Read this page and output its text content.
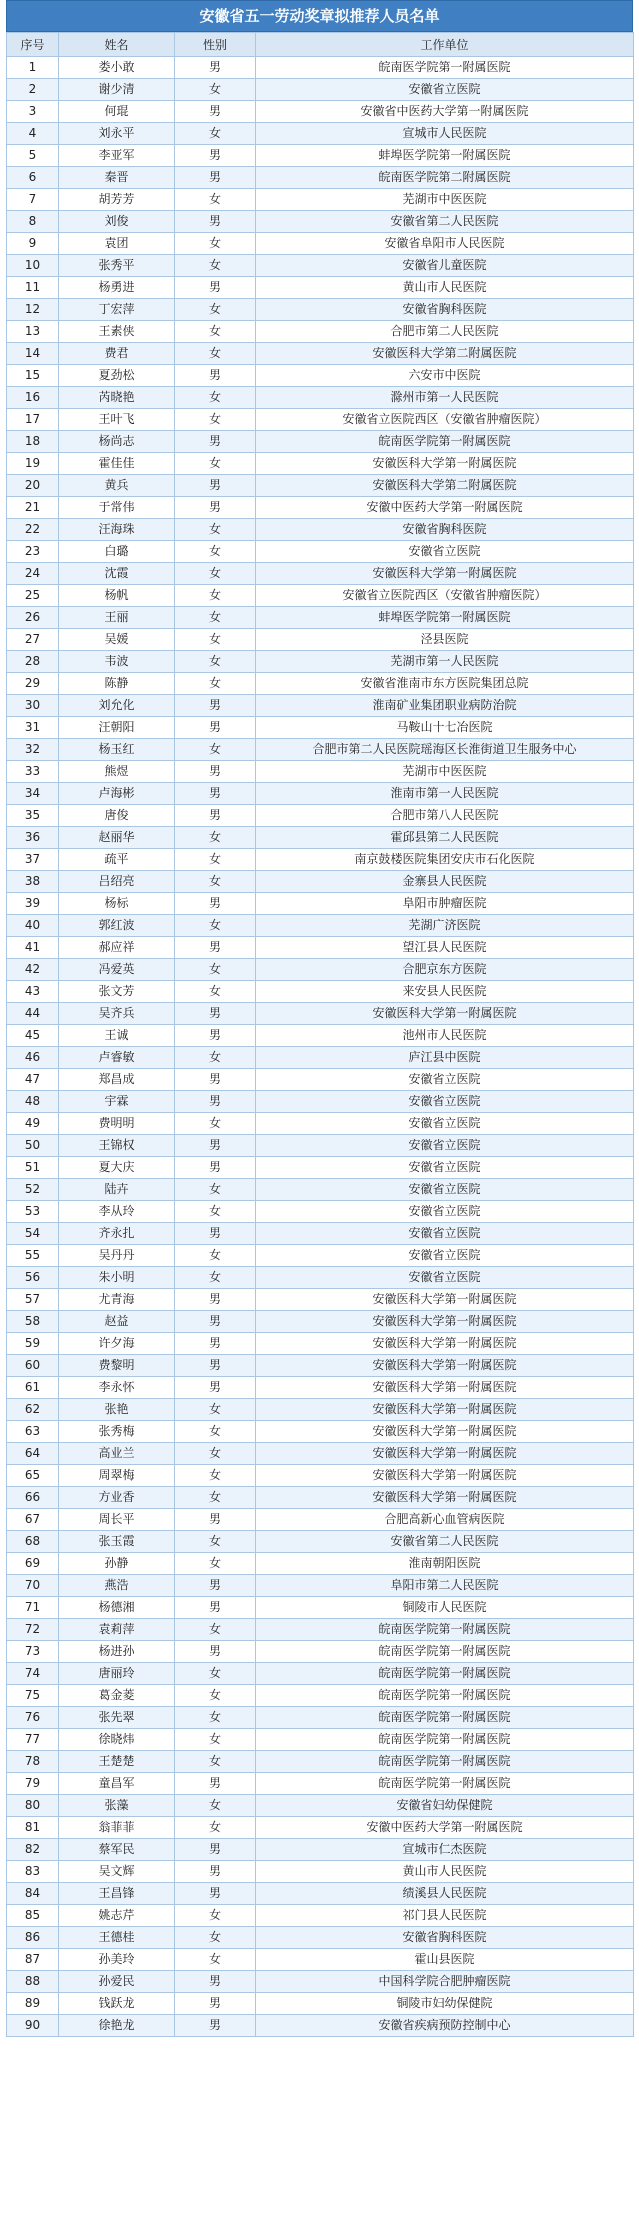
安徽省五一劳动奖章拟推荐人员名单
序号	姓名	性别	工作单位
1	娄小敢	男	皖南医学院第一附属医院
2	谢少清	女	安徽省立医院
3	何琨	男	安徽省中医药大学第一附属医院
4	刘永平	女	宣城市人民医院
5	李亚军	男	蚌埠医学院第一附属医院
6	秦晋	男	皖南医学院第二附属医院
7	胡芳芳	女	芜湖市中医医院
8	刘俊	男	安徽省第二人民医院
9	袁团	女	安徽省阜阳市人民医院
10	张秀平	女	安徽省儿童医院
11	杨勇进	男	黄山市人民医院
12	丁宏萍	女	安徽省胸科医院
13	王素侠	女	合肥市第二人民医院
14	费君	女	安徽医科大学第二附属医院
15	夏劲松	男	六安市中医院
16	芮晓艳	女	滁州市第一人民医院
17	王叶飞	女	安徽省立医院西区（安徽省肿瘤医院）
18	杨尚志	男	皖南医学院第一附属医院
19	霍佳佳	女	安徽医科大学第一附属医院
20	黄兵	男	安徽医科大学第二附属医院
21	于常伟	男	安徽中医药大学第一附属医院
22	汪海珠	女	安徽省胸科医院
23	白璐	女	安徽省立医院
24	沈霞	女	安徽医科大学第一附属医院
25	杨帆	女	安徽省立医院西区（安徽省肿瘤医院）
26	王丽	女	蚌埠医学院第一附属医院
27	吴媛	女	泾县医院
28	韦波	女	芜湖市第一人民医院
29	陈静	女	安徽省淮南市东方医院集团总院
30	刘允化	男	淮南矿业集团职业病防治院
31	汪朝阳	男	马鞍山十七冶医院
32	杨玉红	女	合肥市第二人民医院瑶海区长淮街道卫生服务中心
33	熊煜	男	芜湖市中医医院
34	卢海彬	男	淮南市第一人民医院
35	唐俊	男	合肥市第八人民医院
36	赵丽华	女	霍邱县第二人民医院
37	疏平	女	南京鼓楼医院集团安庆市石化医院
38	吕绍亮	女	金寨县人民医院
39	杨标	男	阜阳市肿瘤医院
40	郭红波	女	芜湖广济医院
41	郝应祥	男	望江县人民医院
42	冯爱英	女	合肥京东方医院
43	张文芳	女	来安县人民医院
44	吴齐兵	男	安徽医科大学第一附属医院
45	王诚	男	池州市人民医院
46	卢睿敏	女	庐江县中医院
47	郑昌成	男	安徽省立医院
48	宇霖	男	安徽省立医院
49	费明明	女	安徽省立医院
50	王锦权	男	安徽省立医院
51	夏大庆	男	安徽省立医院
52	陆卉	女	安徽省立医院
53	李从玲	女	安徽省立医院
54	齐永扎	男	安徽省立医院
55	吴丹丹	女	安徽省立医院
56	朱小明	女	安徽省立医院
57	尤青海	男	安徽医科大学第一附属医院
58	赵益	男	安徽医科大学第一附属医院
59	许夕海	男	安徽医科大学第一附属医院
60	费黎明	男	安徽医科大学第一附属医院
61	李永怀	男	安徽医科大学第一附属医院
62	张艳	女	安徽医科大学第一附属医院
63	张秀梅	女	安徽医科大学第一附属医院
64	高业兰	女	安徽医科大学第一附属医院
65	周翠梅	女	安徽医科大学第一附属医院
66	方业香	女	安徽医科大学第一附属医院
67	周长平	男	合肥高新心血管病医院
68	张玉霞	女	安徽省第二人民医院
69	孙静	女	淮南朝阳医院
70	燕浩	男	阜阳市第二人民医院
71	杨德湘	男	铜陵市人民医院
72	袁莉萍	女	皖南医学院第一附属医院
73	杨进孙	男	皖南医学院第一附属医院
74	唐丽玲	女	皖南医学院第一附属医院
75	葛金菱	女	皖南医学院第一附属医院
76	张先翠	女	皖南医学院第一附属医院
77	徐晓炜	女	皖南医学院第一附属医院
78	王楚楚	女	皖南医学院第一附属医院
79	童昌军	男	皖南医学院第一附属医院
80	张藻	女	安徽省妇幼保健院
81	翁菲菲	女	安徽中医药大学第一附属医院
82	蔡军民	男	宣城市仁杰医院
83	吴文辉	男	黄山市人民医院
84	王昌锋	男	绩溪县人民医院
85	姚志芹	女	祁门县人民医院
86	王德桂	女	安徽省胸科医院
87	孙美玲	女	霍山县医院
88	孙爱民	男	中国科学院合肥肿瘤医院
89	钱跃龙	男	铜陵市妇幼保健院
90	徐艳龙	男	安徽省疾病预防控制中心
